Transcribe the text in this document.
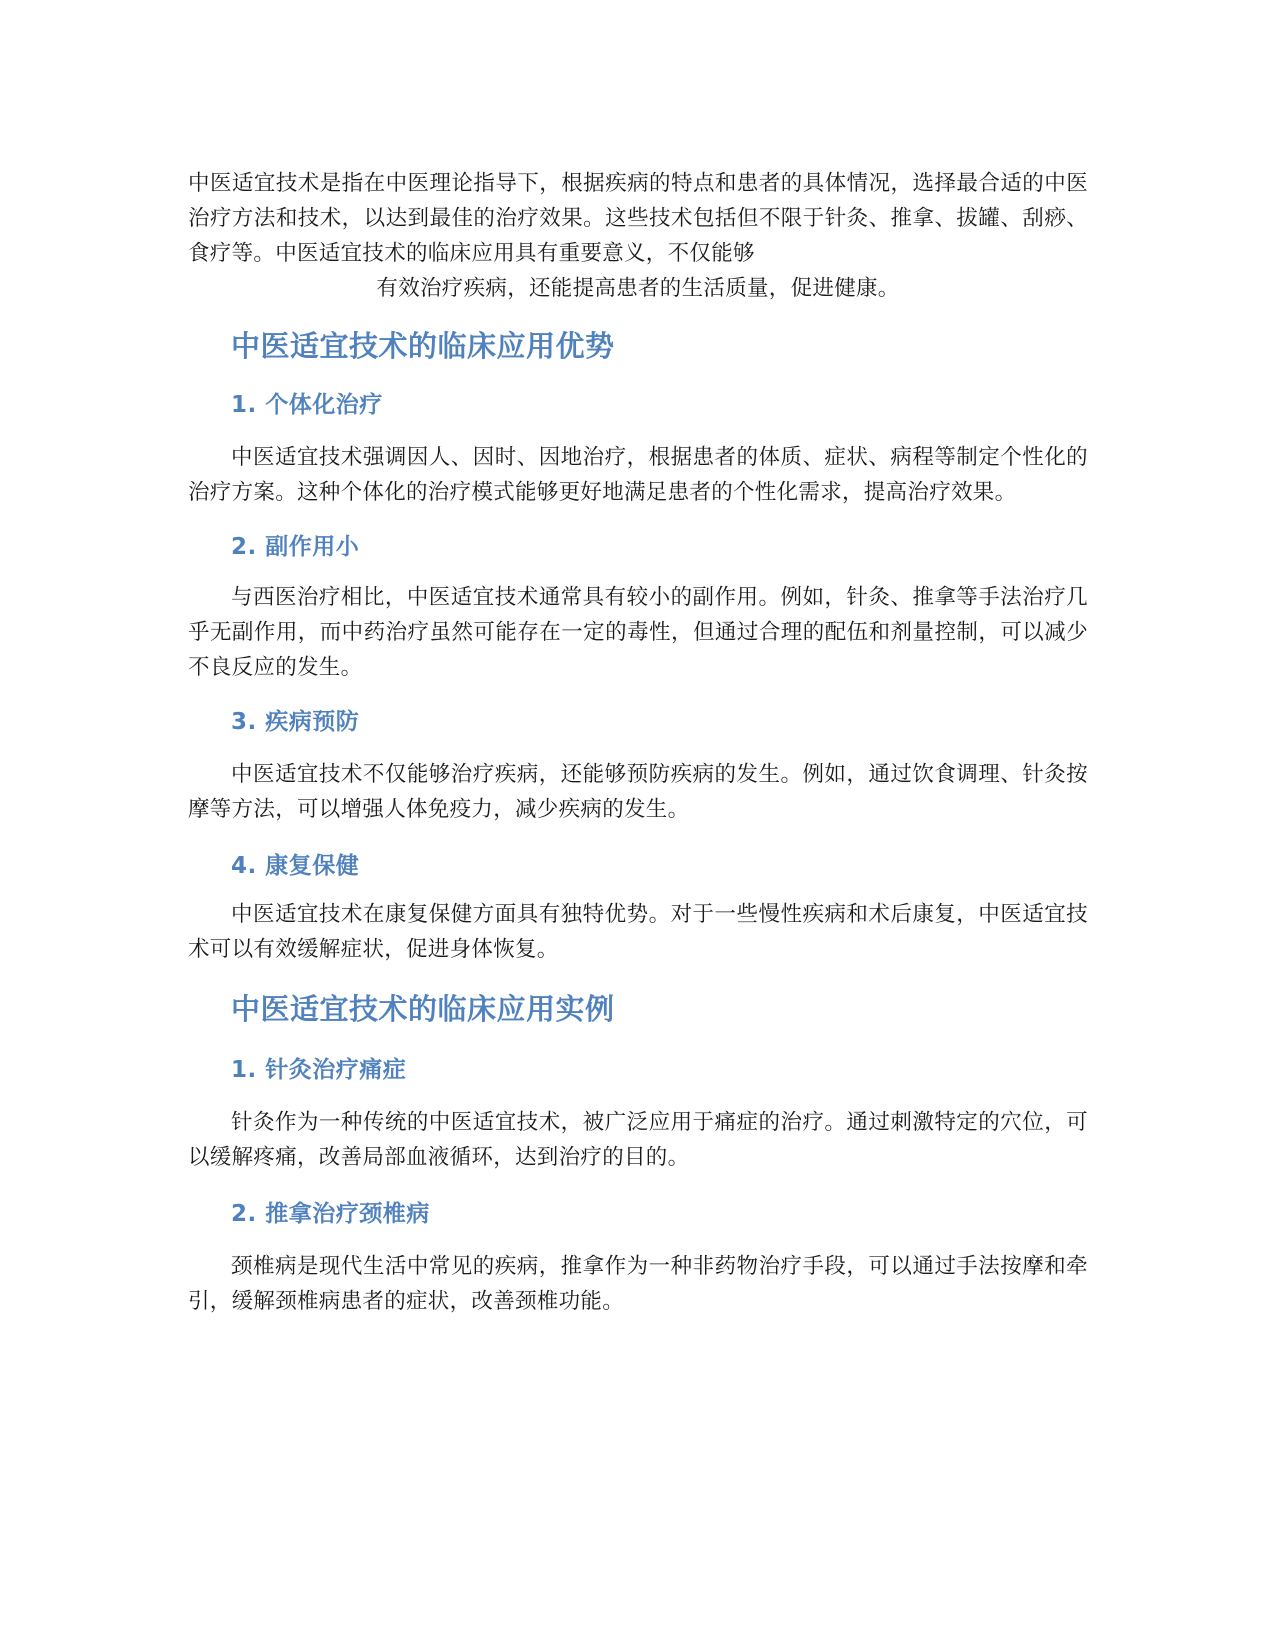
中医适宜技术是指在中医理论指导下，根据疾病的特点和患者的具体情况，选择最合适的中医治疗方法和技术，以达到最佳的治疗效果。这些技术包括但不限于针灸、推拿、拔罐、刮痧、食疗等。中医适宜技术的临床应用具有重要意义，不仅能够
有效治疗疾病，还能提高患者的生活质量，促进健康。

中医适宜技术的临床应用优势
1. 个体化治疗

中医适宜技术强调因人、因时、因地治疗，根据患者的体质、症状、病程等制定个性化的治疗方案。这种个体化的治疗模式能够更好地满足患者的个性化需求，提高治疗效果。

2. 副作用小

与西医治疗相比，中医适宜技术通常具有较小的副作用。例如，针灸、推拿等手法治疗几乎无副作用，而中药治疗虽然可能存在一定的毒性，但通过合理的配伍和剂量控制，可以减少不良反应的发生。

3. 疾病预防

中医适宜技术不仅能够治疗疾病，还能够预防疾病的发生。例如，通过饮食调理、针灸按摩等方法，可以增强人体免疫力，减少疾病的发生。

4. 康复保健

中医适宜技术在康复保健方面具有独特优势。对于一些慢性疾病和术后康复，中医适宜技术可以有效缓解症状，促进身体恢复。

中医适宜技术的临床应用实例
1. 针灸治疗痛症

针灸作为一种传统的中医适宜技术，被广泛应用于痛症的治疗。通过刺激特定的穴位，可以缓解疼痛，改善局部血液循环，达到治疗的目的。

2. 推拿治疗颈椎病

颈椎病是现代生活中常见的疾病，推拿作为一种非药物治疗手段，可以通过手法按摩和牵引，缓解颈椎病患者的症状，改善颈椎功能。
